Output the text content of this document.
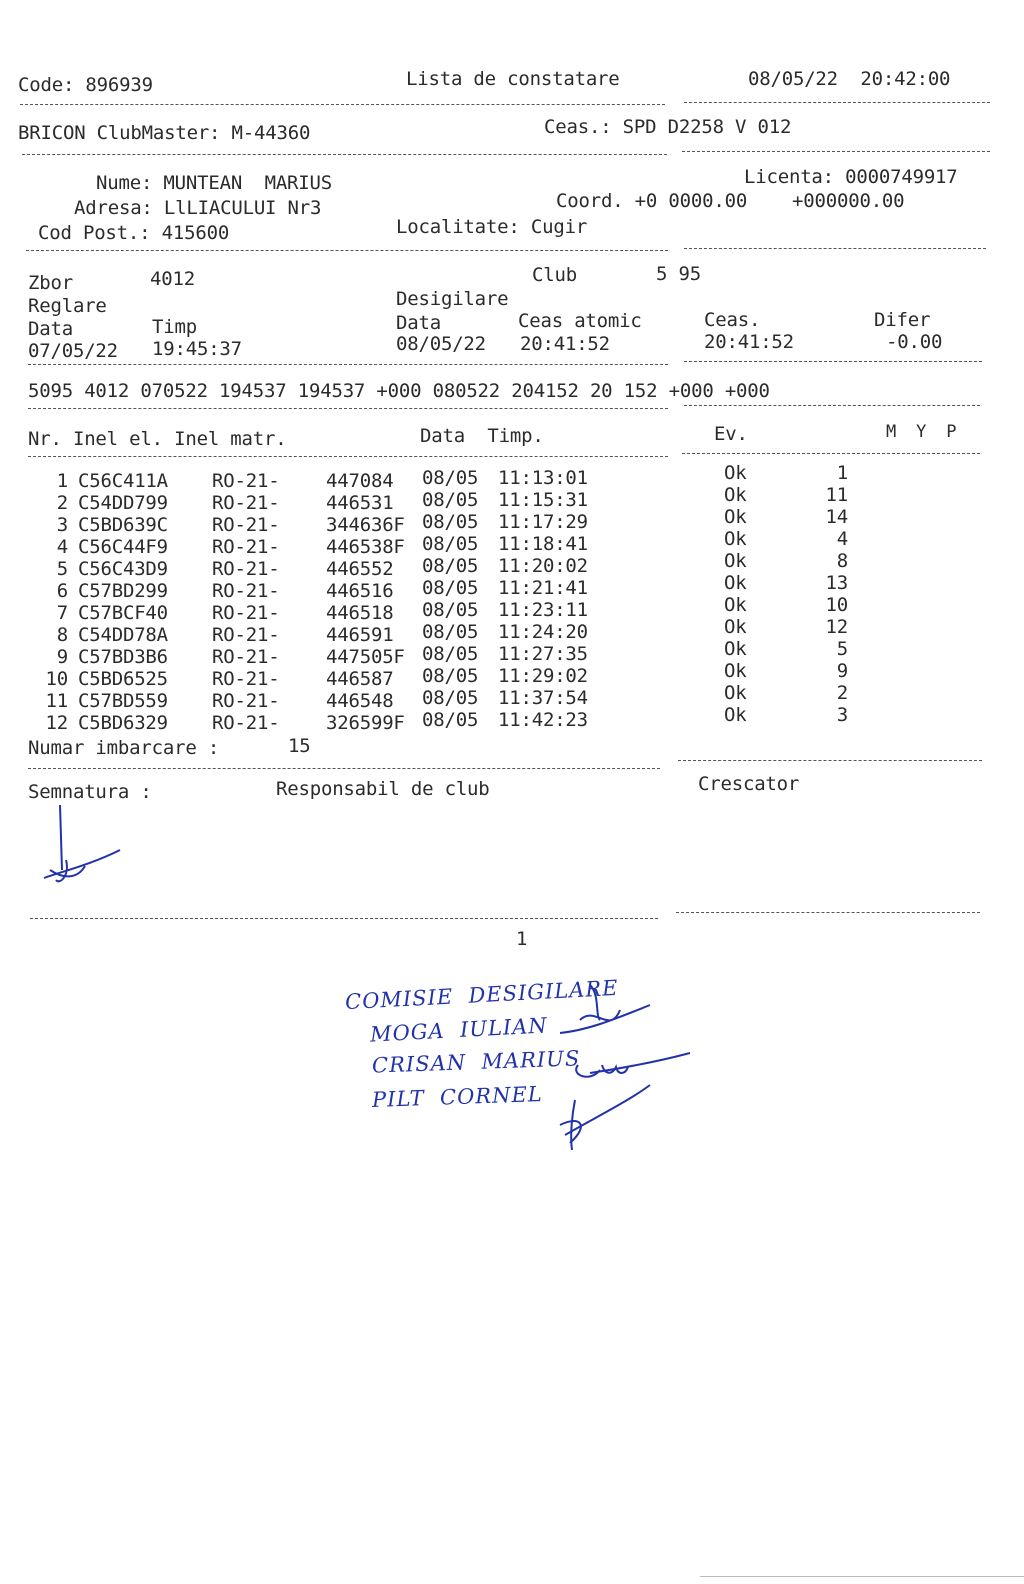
Code: 896939	Lista de constatare	08/05/22  20:42:00
BRICON ClubMaster: M-44360	Ceas.: SPD D2258 V 012
Nume: MUNTEAN  MARIUS	Licenta: 0000749917
Adresa: LlLIACULUI Nr3	Coord. +0 0000.00    +000000.00
Cod Post.: 415600	Localitate: Cugir
Zbor	4012	Club	5 95
Reglare	Desigilare
Data	Timp	Data	Ceas atomic	Ceas.	Difer
07/05/22 19:45:37	08/05/22 20:41:52	20:41:52	-0.00
5095 4012 070522 194537 194537 +000 080522 204152 20 152 +000 +000
Nr. Inel el. Inel matr.	Data  Timp.	Ev.	M  Y  P
1 C56C411A RO-21- 447084 08/05 11:13:01	Ok	1
2 C54DD799 RO-21- 446531 08/05 11:15:31	Ok	11
3 C5BD639C RO-21- 344636F 08/05 11:17:29	Ok	14
4 C56C44F9 RO-21- 446538F 08/05 11:18:41	Ok	4
5 C56C43D9 RO-21- 446552 08/05 11:20:02	Ok	8
6 C57BD299 RO-21- 446516 08/05 11:21:41	Ok	13
7 C57BCF40 RO-21- 446518 08/05 11:23:11	Ok	10
8 C54DD78A RO-21- 446591 08/05 11:24:20	Ok	12
9 C57BD3B6 RO-21- 447505F 08/05 11:27:35	Ok	5
10 C5BD6525 RO-21- 446587 08/05 11:29:02	Ok	9
11 C57BD559 RO-21- 446548 08/05 11:37:54	Ok	2
12 C5BD6329 RO-21- 326599F 08/05 11:42:23	Ok	3
Numar imbarcare :	15
Semnatura :	Responsabil de club	Crescator
1
COMISIE  DESIGILARE
MOGA  IULIAN
CRISAN  MARIUS
PILT  CORNEL
